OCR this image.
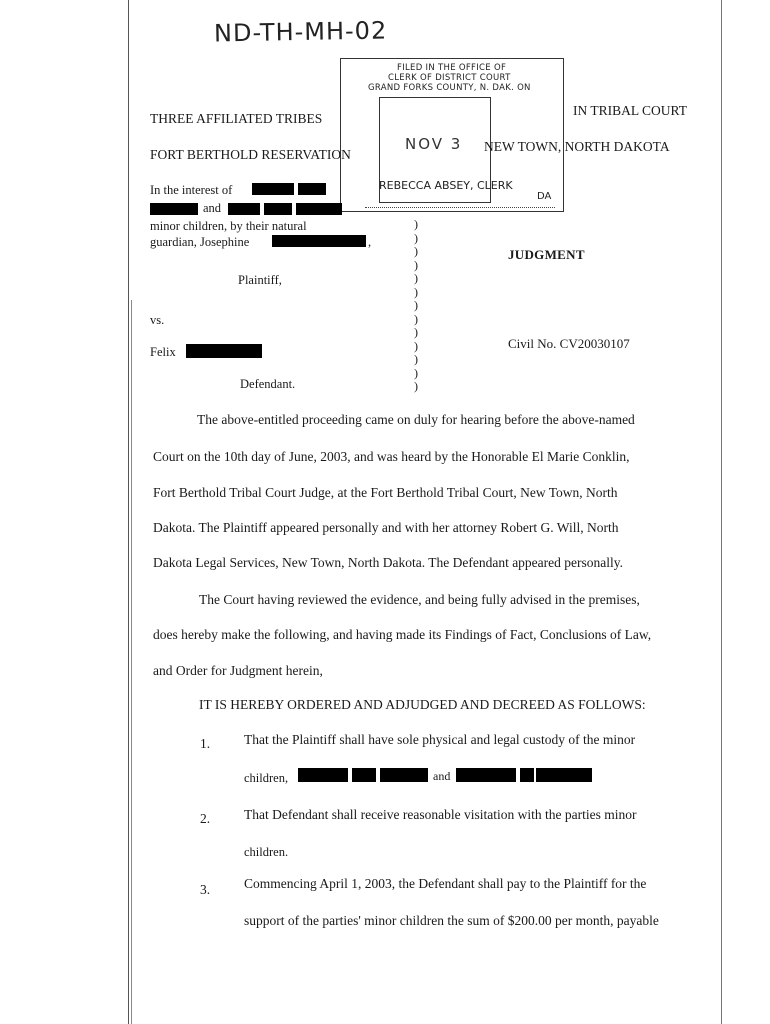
ND-TH-MH-02
FILED IN THE OFFICE OF
CLERK OF DISTRICT COURT
GRAND FORKS COUNTY, N. DAK. ON
NOV 3
REBECCA ABSEY, CLERK
DA
THREE AFFILIATED TRIBES
FORT BERTHOLD RESERVATION
IN TRIBAL COURT
NEW TOWN, NORTH DAKOTA
In the interest of
and
minor children, by their natural
guardian, Josephine	,
Plaintiff,
vs.
Felix
Defendant.
)
)
)
)
)
)
)
)
)
)
)
)
)
JUDGMENT
Civil No. CV20030107
The above-entitled proceeding came on duly for hearing before the above-named
Court on the 10th day of June, 2003, and was heard by the Honorable El Marie Conklin,
Fort Berthold Tribal Court Judge, at the Fort Berthold Tribal Court, New Town, North
Dakota. The Plaintiff appeared personally and with her attorney Robert G. Will, North
Dakota Legal Services, New Town, North Dakota. The Defendant appeared personally.
The Court having reviewed the evidence, and being fully advised in the premises,
does hereby make the following, and having made its Findings of Fact, Conclusions of Law,
and Order for Judgment herein,
IT IS HEREBY ORDERED AND ADJUDGED AND DECREED AS FOLLOWS:
1.	That the Plaintiff shall have sole physical and legal custody of the minor
children,	and
2.	That Defendant shall receive reasonable visitation with the parties minor
children.
3.	Commencing April 1, 2003, the Defendant shall pay to the Plaintiff for the
support of the parties' minor children the sum of $200.00 per month, payable
